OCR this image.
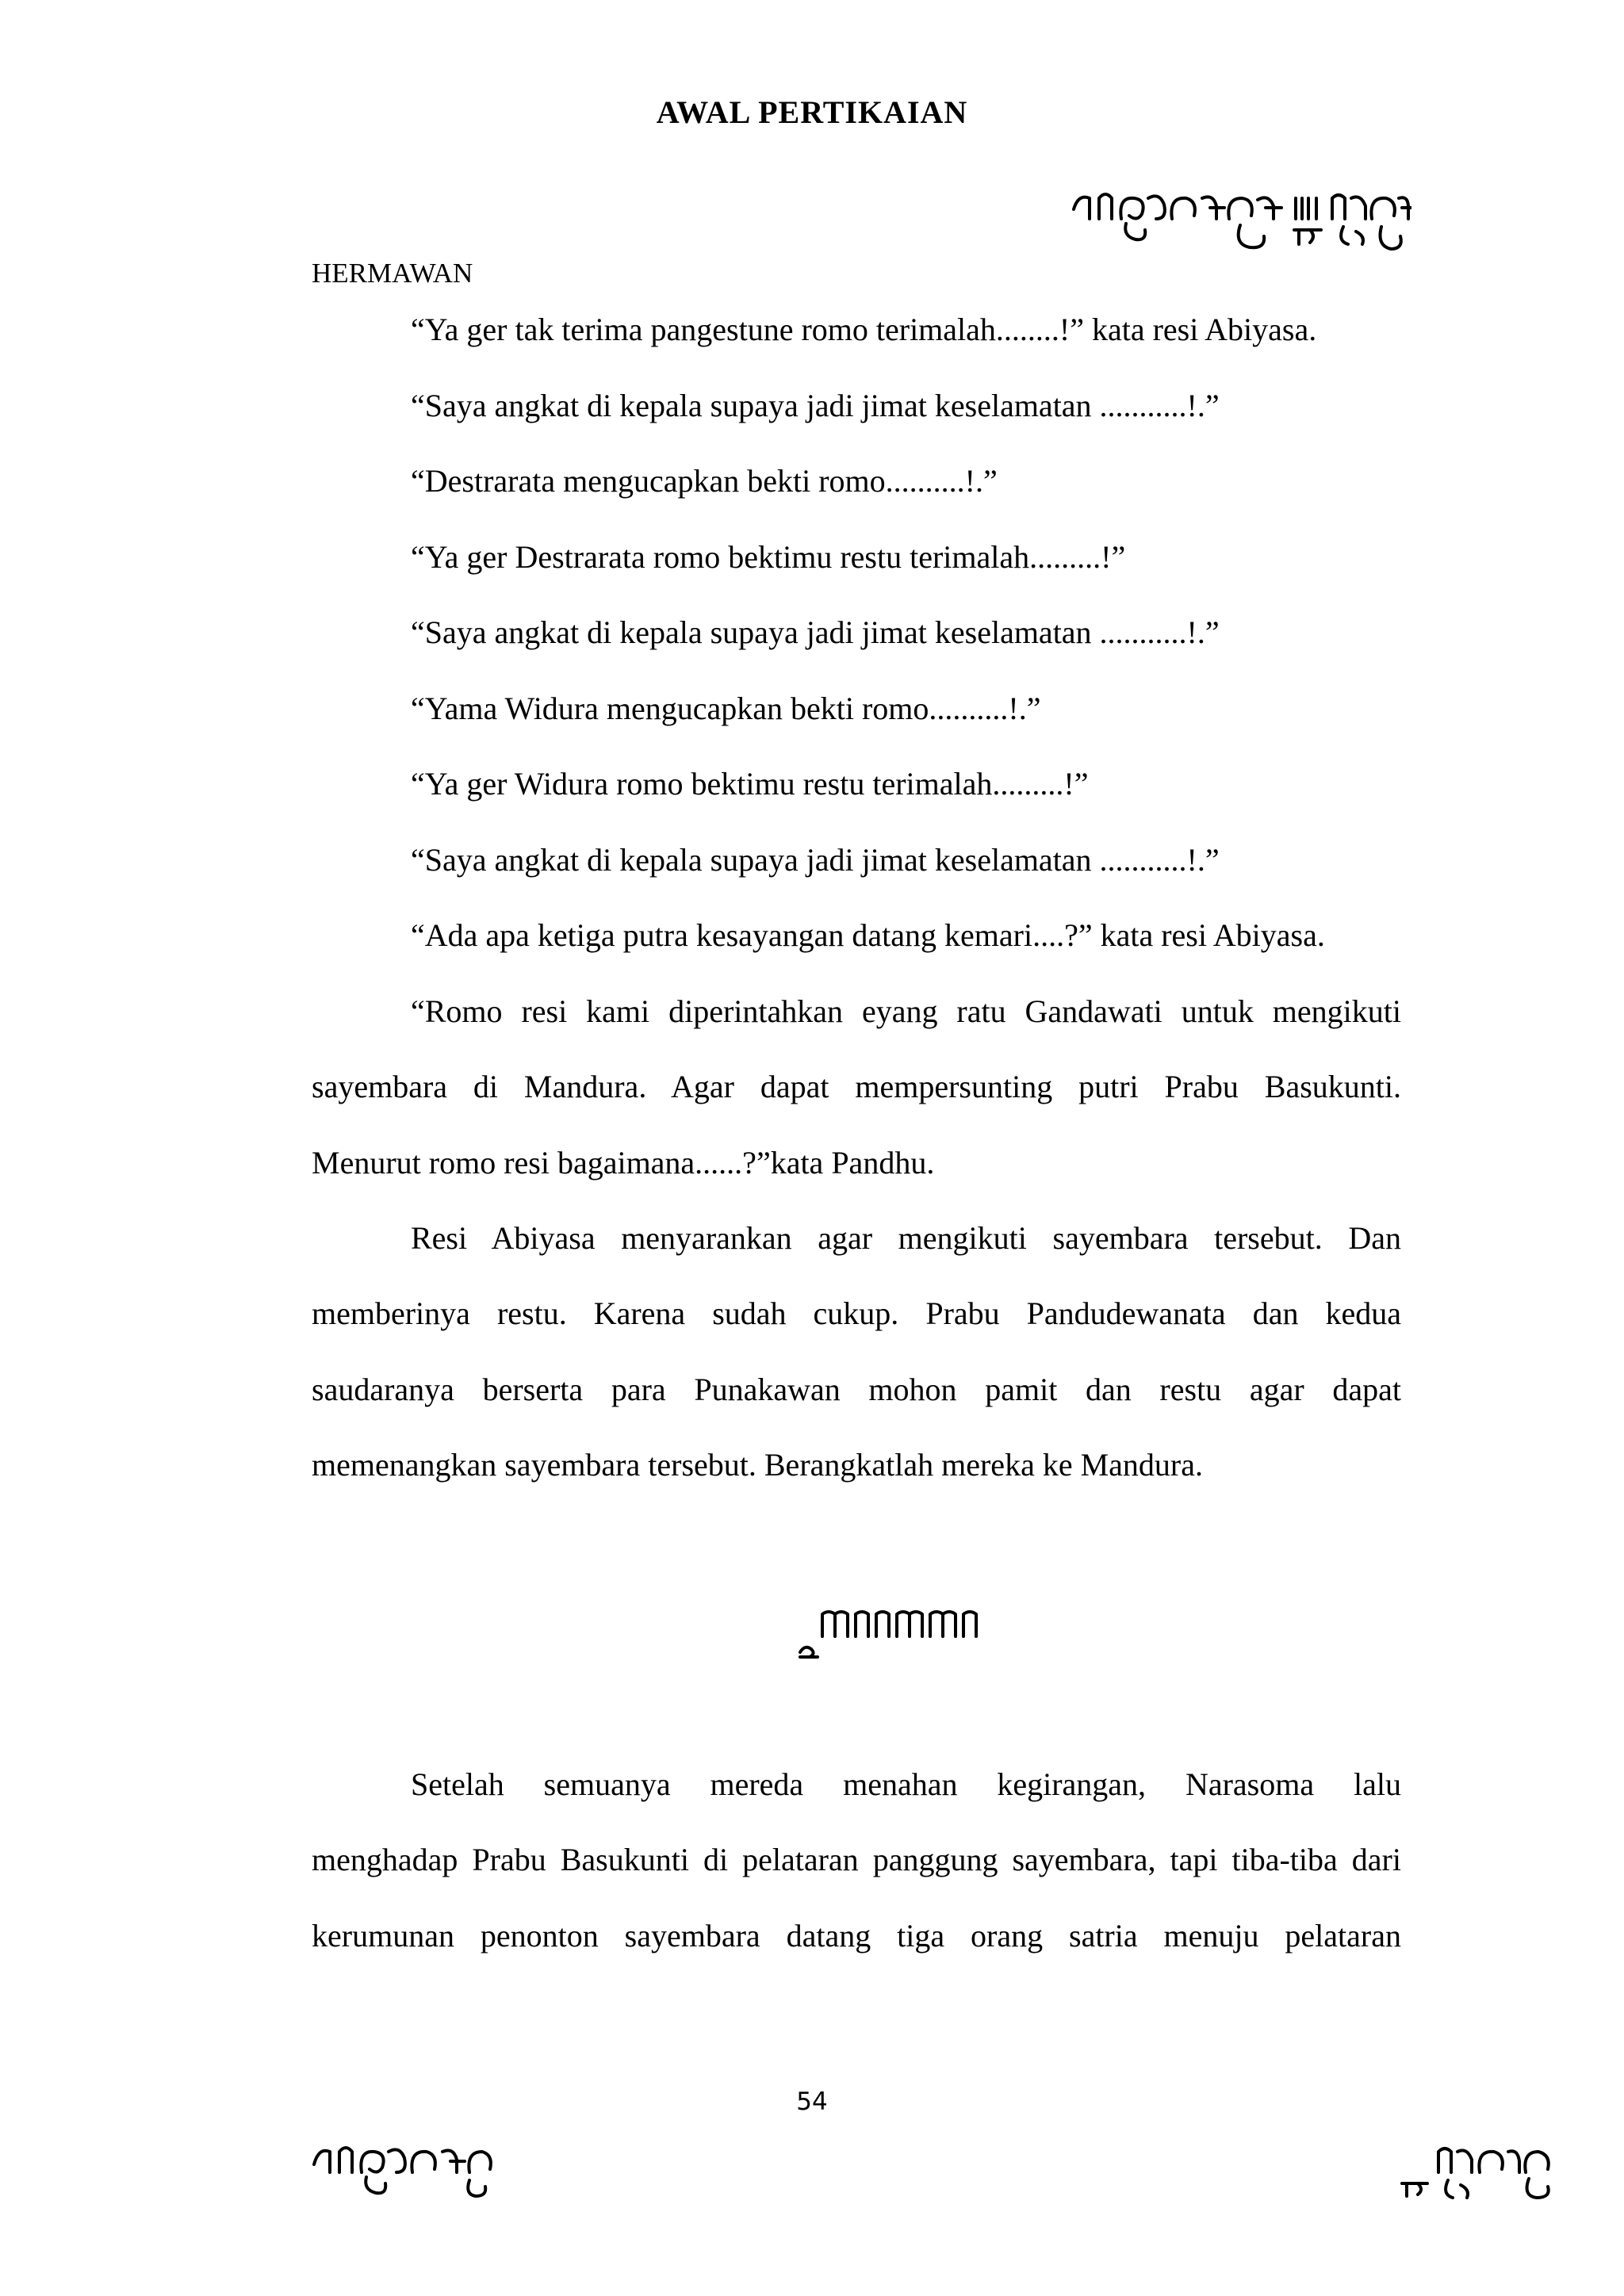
AWAL PERTIKAIAN
HERMAWAN
“Ya ger tak terima pangestune romo terimalah........!” kata resi Abiyasa.
“Saya angkat di kepala supaya jadi jimat keselamatan ...........!.”
“Destrarata mengucapkan bekti romo..........!.”
“Ya ger Destrarata romo bektimu restu terimalah.........!”
“Saya angkat di kepala supaya jadi jimat keselamatan ...........!.”
“Yama Widura mengucapkan bekti romo..........!.”
“Ya ger Widura romo bektimu restu terimalah.........!”
“Saya angkat di kepala supaya jadi jimat keselamatan ...........!.”
“Ada apa ketiga putra kesayangan datang kemari....?” kata resi Abiyasa.
“Romo resi kami diperintahkan eyang ratu Gandawati untuk mengikuti
sayembara di Mandura. Agar dapat mempersunting putri Prabu Basukunti.
Menurut romo resi bagaimana......?”kata Pandhu.
Resi Abiyasa menyarankan agar mengikuti sayembara tersebut. Dan
memberinya restu. Karena sudah cukup. Prabu Pandudewanata dan kedua
saudaranya berserta para Punakawan mohon pamit dan restu agar dapat
memenangkan sayembara tersebut. Berangkatlah mereka ke Mandura.
Setelah semuanya mereda menahan kegirangan, Narasoma lalu
menghadap Prabu Basukunti di pelataran panggung sayembara, tapi tiba-tiba dari
kerumunan penonton sayembara datang tiga orang satria menuju pelataran
54
